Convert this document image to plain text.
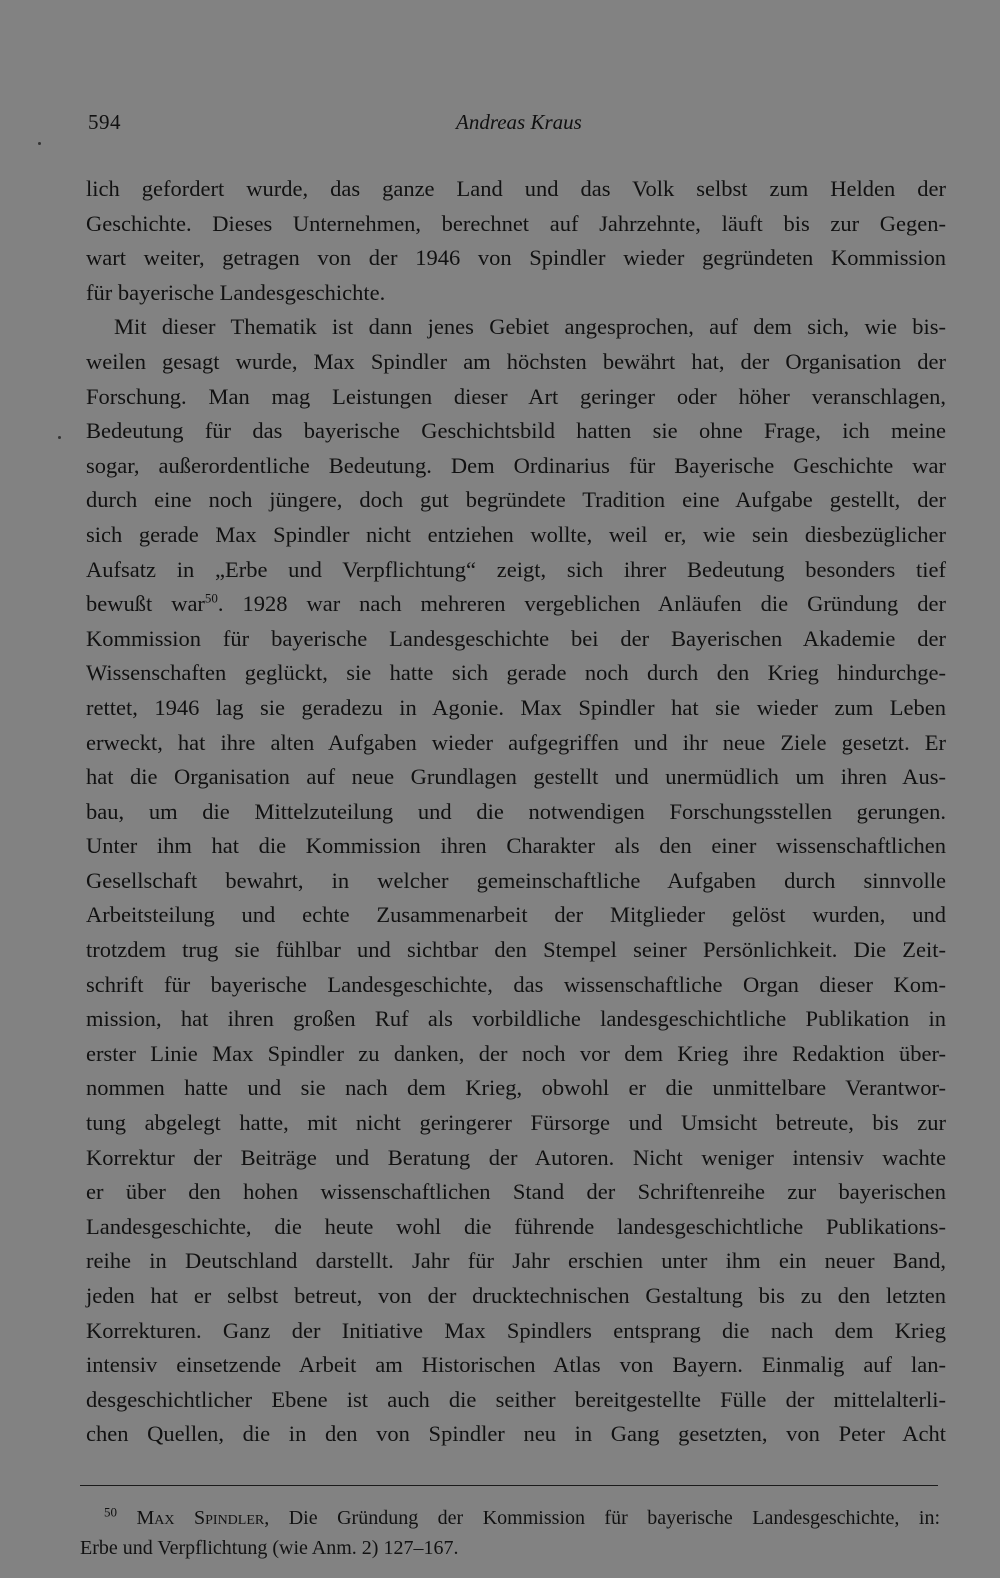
594	Andreas Kraus
lich gefordert wurde, das ganze Land und das Volk selbst zum Helden der
Geschichte. Dieses Unternehmen, berechnet auf Jahrzehnte, läuft bis zur Gegen-
wart weiter, getragen von der 1946 von Spindler wieder gegründeten Kommission
für bayerische Landesgeschichte.
Mit dieser Thematik ist dann jenes Gebiet angesprochen, auf dem sich, wie bis-
weilen gesagt wurde, Max Spindler am höchsten bewährt hat, der Organisation der
Forschung. Man mag Leistungen dieser Art geringer oder höher veranschlagen,
Bedeutung für das bayerische Geschichtsbild hatten sie ohne Frage, ich meine
sogar, außerordentliche Bedeutung. Dem Ordinarius für Bayerische Geschichte war
durch eine noch jüngere, doch gut begründete Tradition eine Aufgabe gestellt, der
sich gerade Max Spindler nicht entziehen wollte, weil er, wie sein diesbezüglicher
Aufsatz in „Erbe und Verpflichtung“ zeigt, sich ihrer Bedeutung besonders tief
bewußt war$^{50}$. 1928 war nach mehreren vergeblichen Anläufen die Gründung der
Kommission für bayerische Landesgeschichte bei der Bayerischen Akademie der
Wissenschaften geglückt, sie hatte sich gerade noch durch den Krieg hindurchge-
rettet, 1946 lag sie geradezu in Agonie. Max Spindler hat sie wieder zum Leben
erweckt, hat ihre alten Aufgaben wieder aufgegriffen und ihr neue Ziele gesetzt. Er
hat die Organisation auf neue Grundlagen gestellt und unermüdlich um ihren Aus-
bau, um die Mittelzuteilung und die notwendigen Forschungsstellen gerungen.
Unter ihm hat die Kommission ihren Charakter als den einer wissenschaftlichen
Gesellschaft bewahrt, in welcher gemeinschaftliche Aufgaben durch sinnvolle
Arbeitsteilung und echte Zusammenarbeit der Mitglieder gelöst wurden, und
trotzdem trug sie fühlbar und sichtbar den Stempel seiner Persönlichkeit. Die Zeit-
schrift für bayerische Landesgeschichte, das wissenschaftliche Organ dieser Kom-
mission, hat ihren großen Ruf als vorbildliche landesgeschichtliche Publikation in
erster Linie Max Spindler zu danken, der noch vor dem Krieg ihre Redaktion über-
nommen hatte und sie nach dem Krieg, obwohl er die unmittelbare Verantwor-
tung abgelegt hatte, mit nicht geringerer Fürsorge und Umsicht betreute, bis zur
Korrektur der Beiträge und Beratung der Autoren. Nicht weniger intensiv wachte
er über den hohen wissenschaftlichen Stand der Schriftenreihe zur bayerischen
Landesgeschichte, die heute wohl die führende landesgeschichtliche Publikations-
reihe in Deutschland darstellt. Jahr für Jahr erschien unter ihm ein neuer Band,
jeden hat er selbst betreut, von der drucktechnischen Gestaltung bis zu den letzten
Korrekturen. Ganz der Initiative Max Spindlers entsprang die nach dem Krieg
intensiv einsetzende Arbeit am Historischen Atlas von Bayern. Einmalig auf lan-
desgeschichtlicher Ebene ist auch die seither bereitgestellte Fülle der mittelalterli-
chen Quellen, die in den von Spindler neu in Gang gesetzten, von Peter Acht
$^{50}$ Max Spindler, Die Gründung der Kommission für bayerische Landesgeschichte, in:
Erbe und Verpflichtung (wie Anm. 2) 127–167.
